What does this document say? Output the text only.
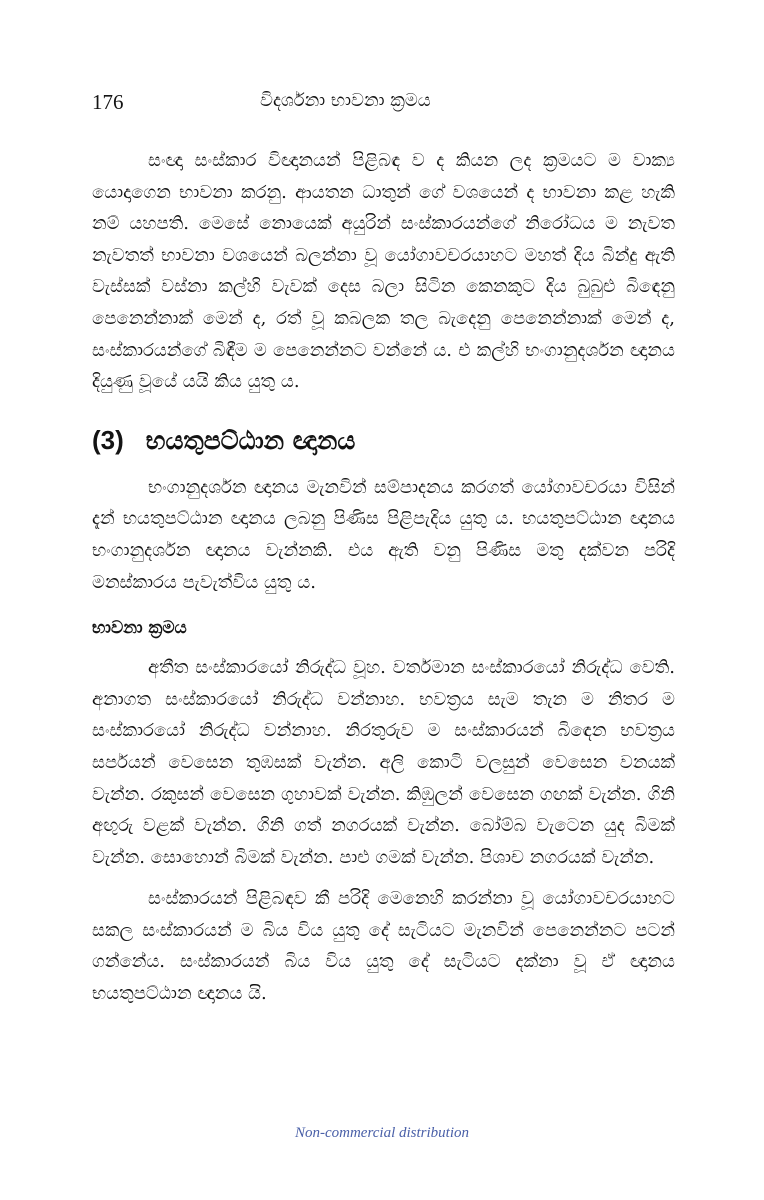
176	විදර්ශනා භාවනා ක්‍රමය

සංඥා සංස්කාර විඥානයන් පිළිබඳ ව ද කියන ලද ක්‍රමයට ම වාක්‍ය යොදාගෙන භාවනා කරනු. ආයතන ධාතුන් ගේ වශයෙන් ද භාවනා කළ හැකි නම් යහපති. මෙසේ නොයෙක් අයුරින් සංස්කාරයන්ගේ නිරෝධය ම නැවත නැවතත් භාවනා වශයෙන් බලන්නා වූ යෝගාවචරයාහට මහත් දිය බින්දු ඇති වැස්සක් වස්නා කල්හි වැවක් දෙස බලා සිටින කෙනකුට දිය බුබුළු බිඳෙනු පෙනෙන්නාක් මෙන් ද, රත් වූ කබලක තල බැදෙනු පෙනෙන්නාක් මෙන් ද, සංස්කාරයන්ගේ බිඳීම ම පෙනෙන්නට වන්නේ ය. එ කල්හි භංගානුදර්ශන ඥානය දියුණු වූයේ යයි කිය යුතු ය.

(3) භයතුපට්ඨාන ඥානය

භංගානුදර්ශන ඥානය මැනවින් සම්පාදනය කරගත් යෝගාවචරයා විසින් දැන් භයතුපට්ඨාන ඥානය ලබනු පිණිස පිළිපැදිය යුතු ය. භයතුපට්ඨාන ඥානය භංගානුදර්ශන ඥානය වැන්නකි. එය ඇති වනු පිණිස මතු දක්වන පරිදි මනස්කාරය පැවැත්විය යුතු ය.

භාවනා ක්‍රමය

අතීත සංස්කාරයෝ නිරුද්ධ වූහ. වර්තමාන සංස්කාරයෝ නිරුද්ධ වෙති. අනාගත සංස්කාරයෝ නිරුද්ධ වන්නාහ. භවත්‍රය සැම තැන ම නිතර ම සංස්කාරයෝ නිරුද්ධ වන්නාහ. නිරතුරුව ම සංස්කාරයන් බිඳෙන භවත්‍රය සර්පයන් වෙසෙන තුඹසක් වැන්න. අලි කොටි වලසුන් වෙසෙන වනයක් වැන්න. රකුසන් වෙසෙන ගුහාවක් වැන්න. කිඹුලන් වෙසෙන ගඟක් වැන්න. ගිනි අඟුරු වළක් වැන්න. ගිනි ගත් නගරයක් වැන්න. බෝම්බ වැටෙන යුද බිමක් වැන්න. සොහොන් බිමක් වැන්න. පාළු ගමක් වැන්න. පිශාච නගරයක් වැන්න.

සංස්කාරයන් පිළිබඳව කී පරිදි මෙනෙහි කරන්නා වූ යෝගාවචරයාහට සකල සංස්කාරයන් ම බිය විය යුතු දේ සැටියට මැනවින් පෙනෙන්නට පටන් ගන්නේය. සංස්කාරයන් බිය විය යුතු දේ සැටියට දක්නා වූ ඒ ඥානය භයතුපට්ඨාන ඥානය යි.

Non-commercial distribution
